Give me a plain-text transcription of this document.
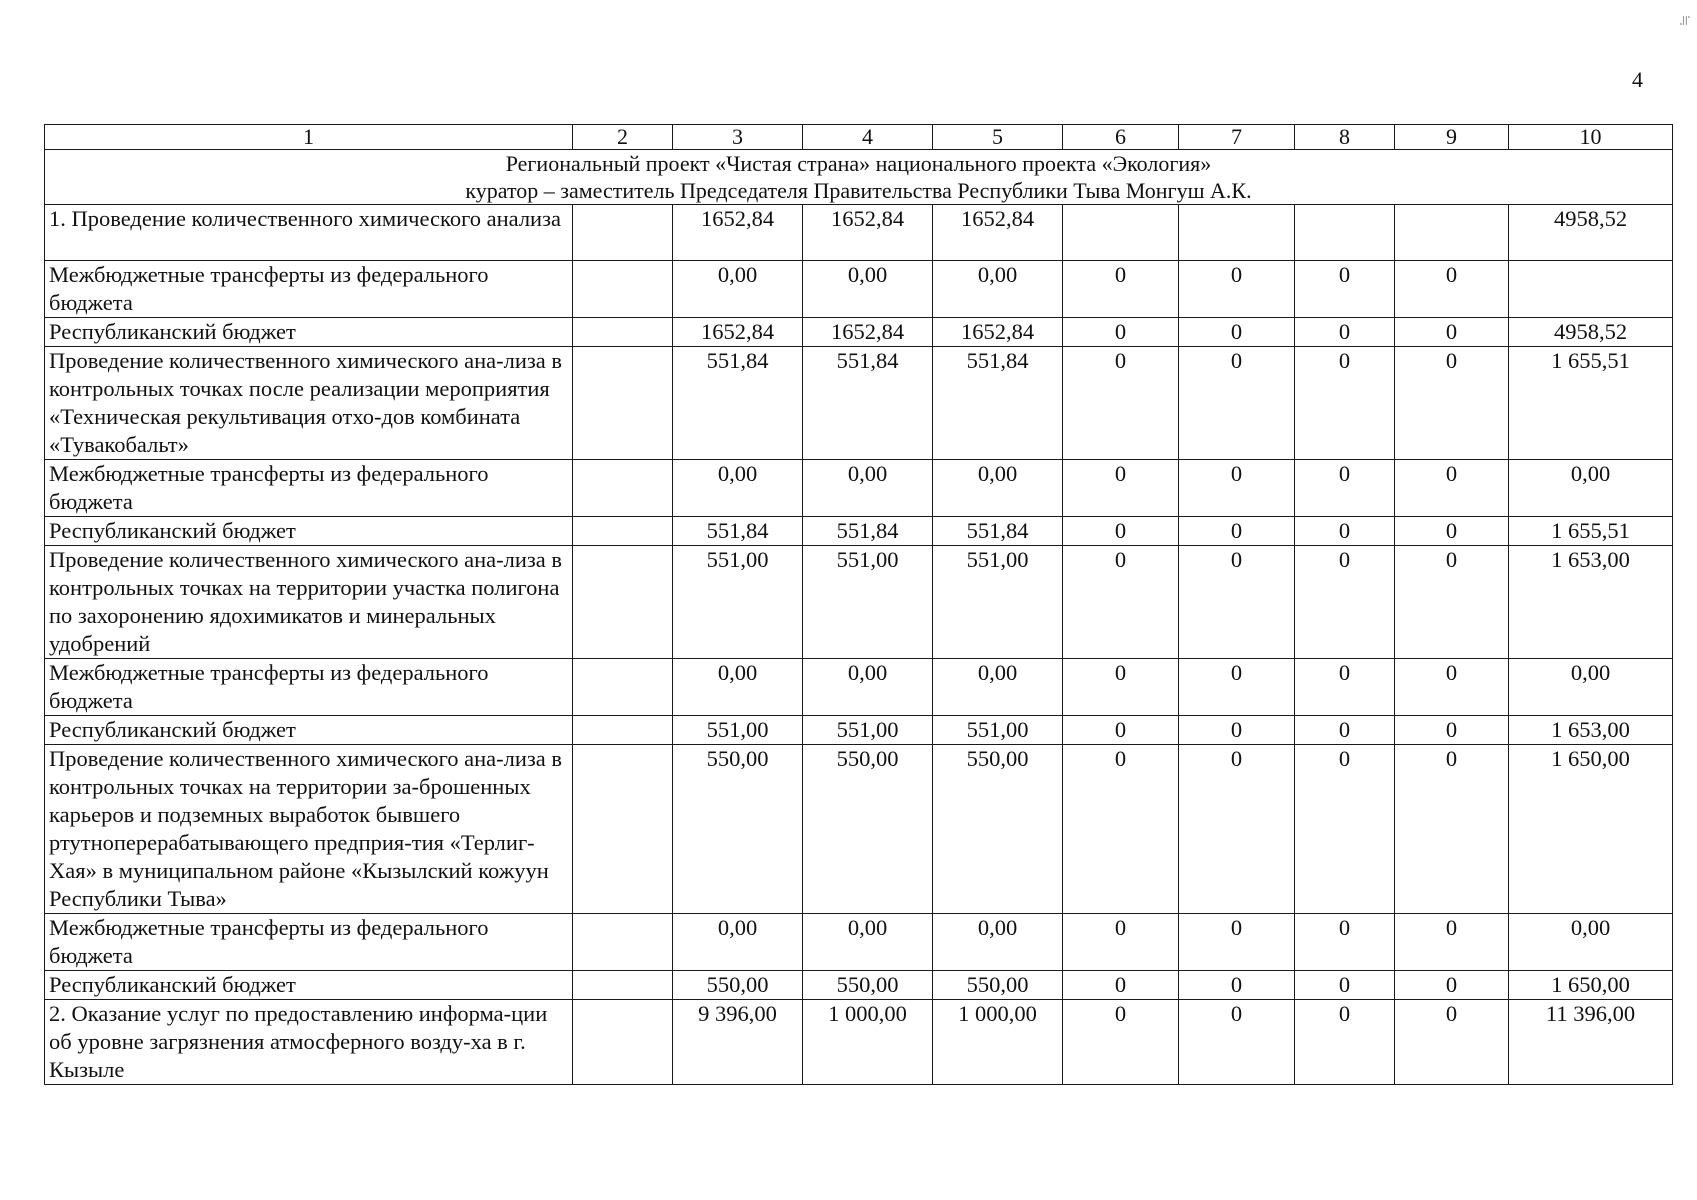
4
≒
1	2	3	4	5	6	7	8	9	10

Региональный проект «Чистая страна» национального проекта «Экология»
куратор – заместитель Председателя Правительства Республики Тыва Монгуш А.К.									

1. Проведение количественного химического анализа		1652,84	1652,84	1652,84					4958,52
Межбюджетные трансферты из федерального бюджета		0,00	0,00	0,00	0	0	0	0	
Республиканский бюджет		1652,84	1652,84	1652,84	0	0	0	0	4958,52
Проведение количественного химического ана-лиза в контрольных точках после реализации мероприятия «Техническая рекультивация отхо-дов комбината «Тувакобальт»		551,84	551,84	551,84	0	0	0	0	1 655,51
Межбюджетные трансферты из федерального бюджета		0,00	0,00	0,00	0	0	0	0	0,00
Республиканский бюджет		551,84	551,84	551,84	0	0	0	0	1 655,51
Проведение количественного химического ана-лиза в контрольных точках на территории участка полигона по захоронению ядохимикатов и минеральных удобрений		551,00	551,00	551,00	0	0	0	0	1 653,00
Межбюджетные трансферты из федерального бюджета		0,00	0,00	0,00	0	0	0	0	0,00
Республиканский бюджет		551,00	551,00	551,00	0	0	0	0	1 653,00
Проведение количественного химического ана-лиза в контрольных точках на территории за-брошенных карьеров и подземных выработок бывшего ртутноперерабатывающего предприя-тия «Терлиг-Хая» в муниципальном районе «Кызылский кожуун Республики Тыва»		550,00	550,00	550,00	0	0	0	0	1 650,00
Межбюджетные трансферты из федерального бюджета		0,00	0,00	0,00	0	0	0	0	0,00
Республиканский бюджет		550,00	550,00	550,00	0	0	0	0	1 650,00
2. Оказание услуг по предоставлению информа-ции об уровне загрязнения атмосферного возду-ха в г. Кызыле		9 396,00	1 000,00	1 000,00	0	0	0	0	11 396,00
